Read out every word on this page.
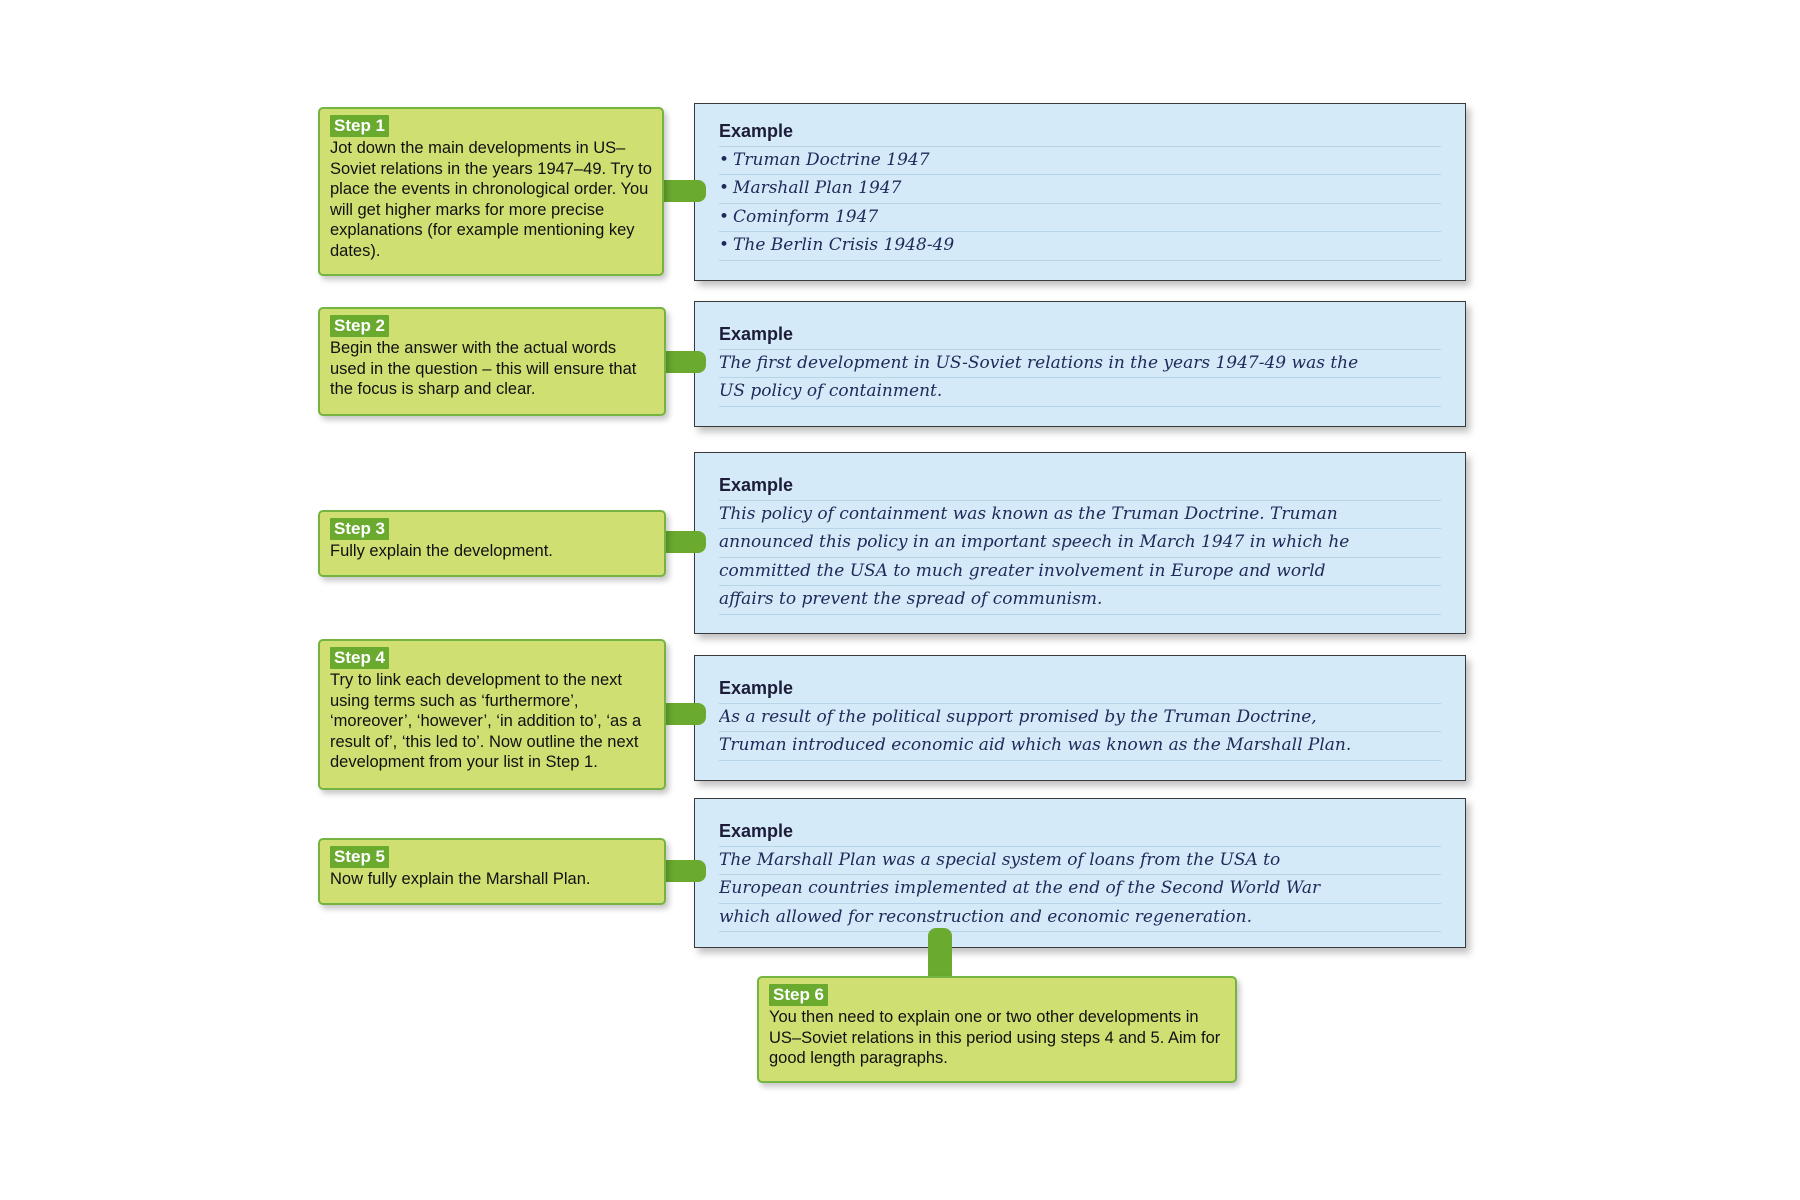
Example
• Truman Doctrine 1947
• Marshall Plan 1947
• Cominform 1947
• The Berlin Crisis 1948-49
Example
The first development in US-Soviet relations in the years 1947-49 was the
US policy of containment.
Example
This policy of containment was known as the Truman Doctrine. Truman
announced this policy in an important speech in March 1947 in which he
committed the USA to much greater involvement in Europe and world
affairs to prevent the spread of communism.
Example
As a result of the political support promised by the Truman Doctrine,
Truman introduced economic aid which was known as the Marshall Plan.
Example
The Marshall Plan was a special system of loans from the USA to
European countries implemented at the end of the Second World War
which allowed for reconstruction and economic regeneration.
Step 1
Jot down the main developments in US–Soviet relations in the years 1947–49. Try to place the events in chronological order. You will get higher marks for more precise explanations (for example mentioning key dates).
Step 2
Begin the answer with the actual words used in the question – this will ensure that the focus is sharp and clear.
Step 3
Fully explain the development.
Step 4
Try to link each development to the next using terms such as ‘furthermore’, ‘moreover’, ‘however’, ‘in addition to’, ‘as a result of’, ‘this led to’. Now outline the next development from your list in Step 1.
Step 5
Now fully explain the Marshall Plan.
Step 6
You then need to explain one or two other developments in US–Soviet relations in this period using steps 4 and 5. Aim for good length paragraphs.
